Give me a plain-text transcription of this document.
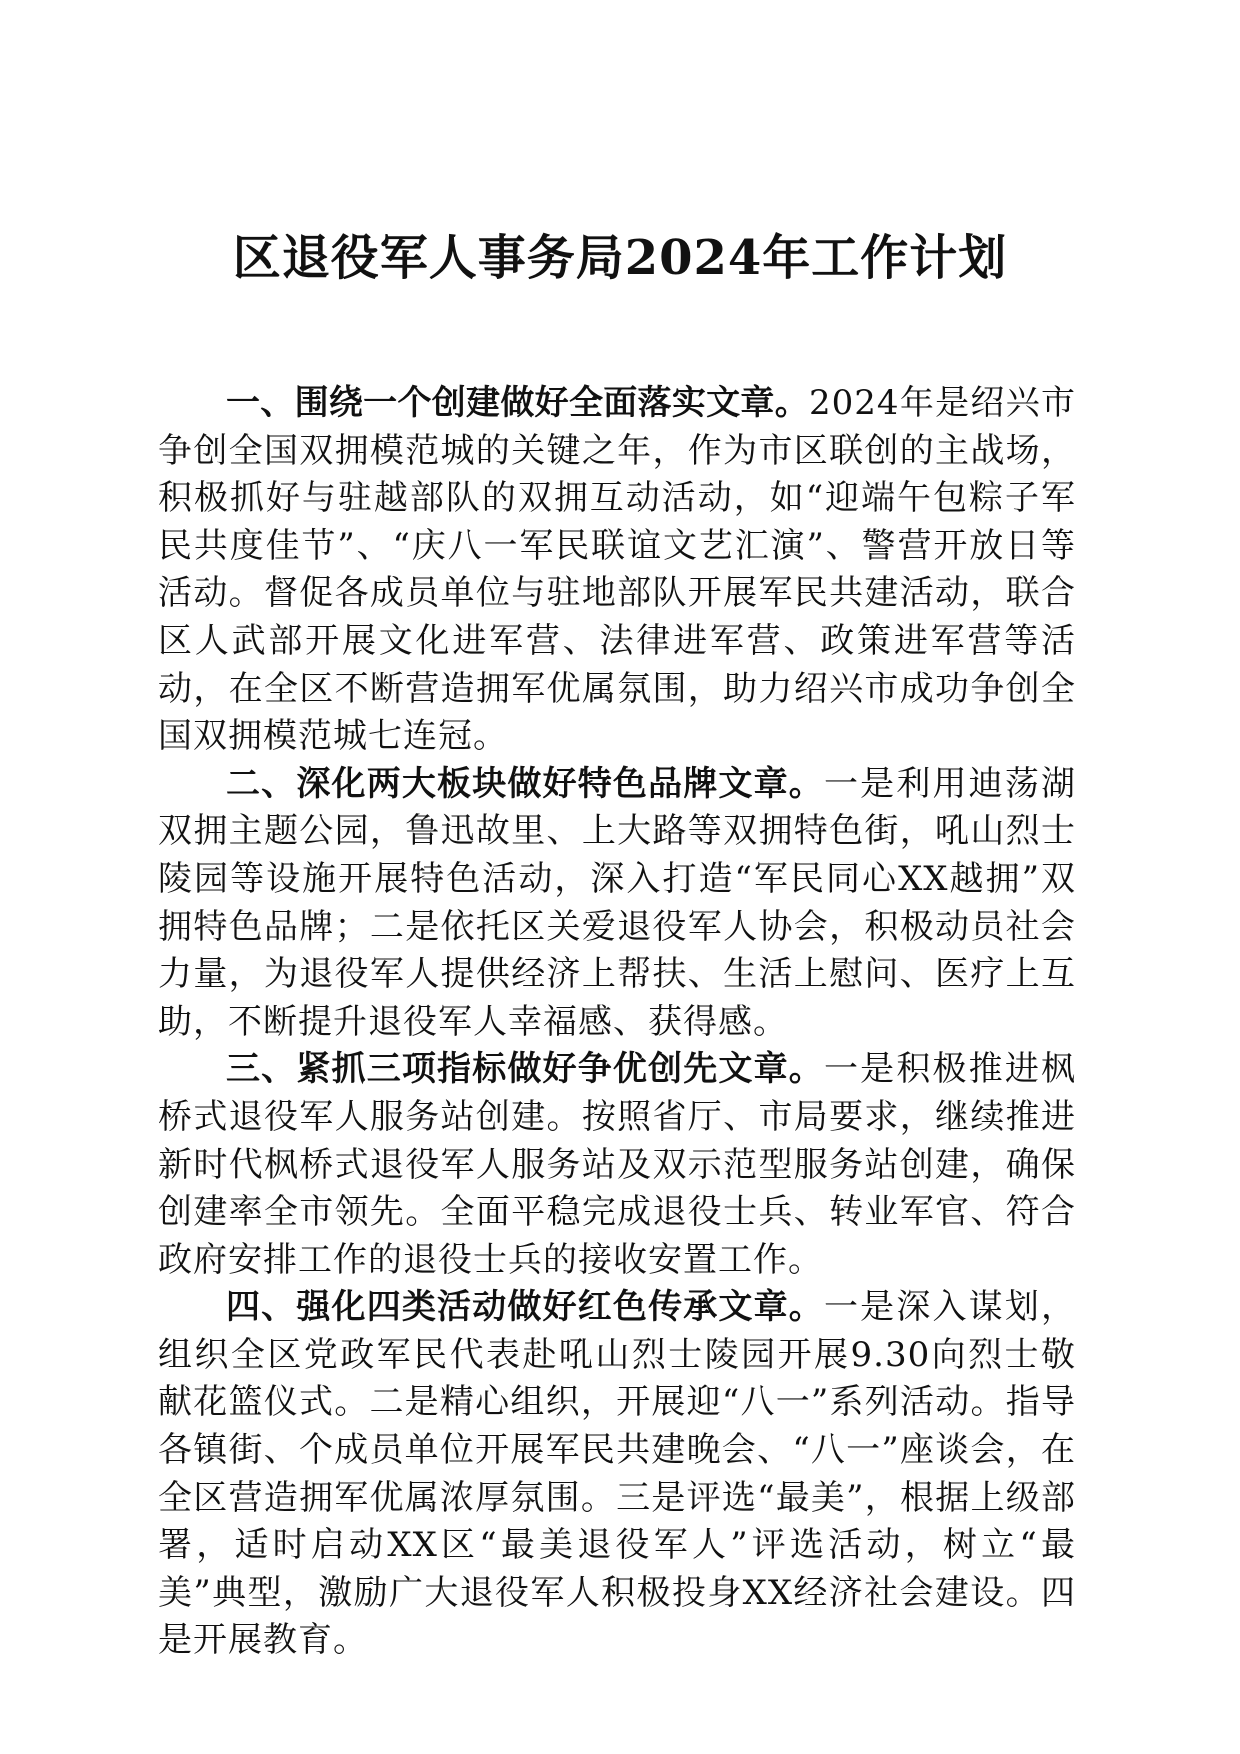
区退役军人事务局2024年工作计划

一、围绕一个创建做好全面落实文章。2024年是绍兴市争创全国双拥模范城的关键之年，作为市区联创的主战场，积极抓好与驻越部队的双拥互动活动，如“迎端午包粽子军民共度佳节”、“庆八一军民联谊文艺汇演”、警营开放日等活动。督促各成员单位与驻地部队开展军民共建活动，联合区人武部开展文化进军营、法律进军营、政策进军营等活动，在全区不断营造拥军优属氛围，助力绍兴市成功争创全国双拥模范城七连冠。

二、深化两大板块做好特色品牌文章。一是利用迪荡湖双拥主题公园，鲁迅故里、上大路等双拥特色街，吼山烈士陵园等设施开展特色活动，深入打造“军民同心XX越拥”双拥特色品牌；二是依托区关爱退役军人协会，积极动员社会力量，为退役军人提供经济上帮扶、生活上慰问、医疗上互助，不断提升退役军人幸福感、获得感。

三、紧抓三项指标做好争优创先文章。一是积极推进枫桥式退役军人服务站创建。按照省厅、市局要求，继续推进新时代枫桥式退役军人服务站及双示范型服务站创建，确保创建率全市领先。全面平稳完成退役士兵、转业军官、符合政府安排工作的退役士兵的接收安置工作。

四、强化四类活动做好红色传承文章。一是深入谋划，组织全区党政军民代表赴吼山烈士陵园开展9.30向烈士敬献花篮仪式。二是精心组织，开展迎“八一”系列活动。指导各镇街、个成员单位开展军民共建晚会、“八一”座谈会，在全区营造拥军优属浓厚氛围。三是评选“最美”，根据上级部署，适时启动XX区“最美退役军人”评选活动，树立“最美”典型，激励广大退役军人积极投身XX经济社会建设。四是开展教育。
